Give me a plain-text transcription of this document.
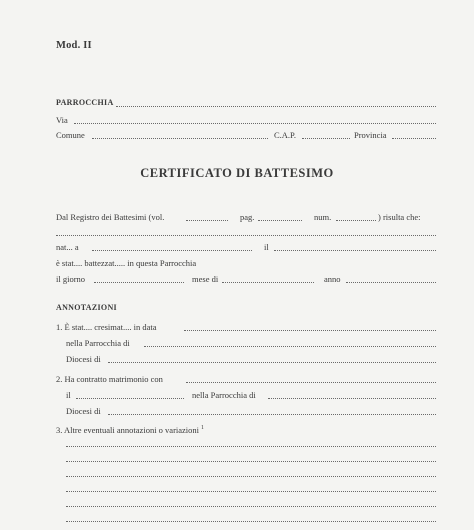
Mod. II
PARROCCHIA
Via
Comune	C.A.P.	Provincia
CERTIFICATO DI BATTESIMO
Dal Registro dei Battesimi (vol.	pag.	num.	) risulta che:
nat... a	il
è stat.... battezzat..... in questa Parrocchia
il giorno	mese di	anno
ANNOTAZIONI
1. È stat.... cresimat.... in data
nella Parrocchia di
Diocesi di
2. Ha contratto matrimonio con
il	nella Parrocchia di
Diocesi di
3. Altre eventuali annotazioni o variazioni $^1$
